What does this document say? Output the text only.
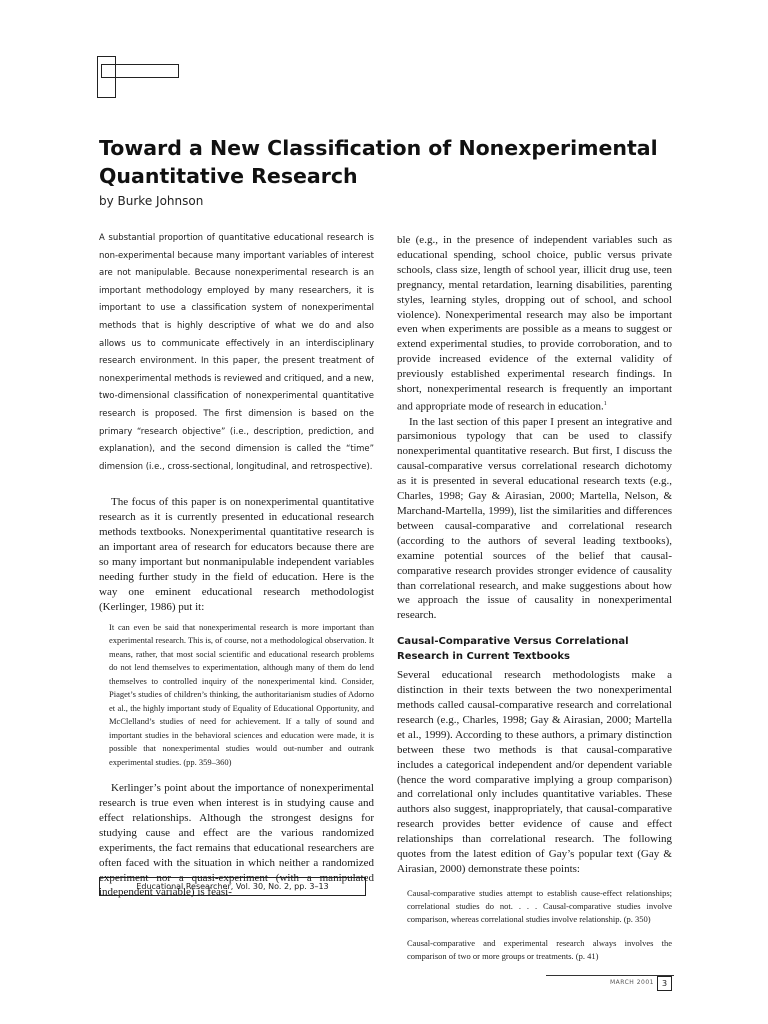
Toward a New Classification of Nonexperimental Quantitative Research

by Burke Johnson

A substantial proportion of quantitative educational research is non-experimental because many important variables of interest are not manipulable. Because nonexperimental research is an important methodology employed by many researchers, it is important to use a classification system of nonexperimental methods that is highly descriptive of what we do and also allows us to communicate effectively in an interdisciplinary research environment. In this paper, the present treatment of nonexperimental methods is reviewed and critiqued, and a new, two-dimensional classification of nonexperimental quantitative research is proposed. The first dimension is based on the primary “research objective” (i.e., description, prediction, and explanation), and the second dimension is called the “time” dimension (i.e., cross-sectional, longitudinal, and retrospective).

The focus of this paper is on nonexperimental quantitative research as it is currently presented in educational research methods textbooks. Nonexperimental quantitative research is an important area of research for educators because there are so many important but nonmanipulable independent variables needing further study in the field of education. Here is the way one eminent educational research methodologist (Kerlinger, 1986) put it:

It can even be said that nonexperimental research is more important than experimental research. This is, of course, not a methodological observation. It means, rather, that most social scientific and educational research problems do not lend themselves to experimentation, although many of them do lend themselves to controlled inquiry of the nonexperimental kind. Consider, Piaget’s studies of children’s thinking, the authoritarianism studies of Adorno et al., the highly important study of Equality of Educational Opportunity, and McClelland’s studies of need for achievement. If a tally of sound and important studies in the behavioral sciences and education were made, it is possible that nonexperimental studies would out-number and outrank experimental studies. (pp. 359–360)

Kerlinger’s point about the importance of nonexperimental research is true even when interest is in studying cause and effect relationships. Although the strongest designs for studying cause and effect are the various randomized experiments, the fact remains that educational researchers are often faced with the situation in which neither a randomized experiment nor a quasi-experiment (with a manipulated independent variable) is feasi-

ble (e.g., in the presence of independent variables such as educational spending, school choice, public versus private schools, class size, length of school year, illicit drug use, teen pregnancy, mental retardation, learning disabilities, parenting styles, learning styles, dropping out of school, and school violence). Nonexperimental research may also be important even when experiments are possible as a means to suggest or extend experimental studies, to provide corroboration, and to provide increased evidence of the external validity of previously established experimental research findings. In short, nonexperimental research is frequently an important and appropriate mode of research in education.$^1$

In the last section of this paper I present an integrative and parsimonious typology that can be used to classify nonexperimental quantitative research. But first, I discuss the causal-comparative versus correlational research dichotomy as it is presented in several educational research texts (e.g., Charles, 1998; Gay & Airasian, 2000; Martella, Nelson, & Marchand-Martella, 1999), list the similarities and differences between causal-comparative and correlational research (according to the authors of several leading textbooks), examine potential sources of the belief that causal-comparative research provides stronger evidence of causality than correlational research, and make suggestions about how we approach the issue of causality in nonexperimental research.

Causal-Comparative Versus Correlational Research in Current Textbooks

Several educational research methodologists make a distinction in their texts between the two nonexperimental methods called causal-comparative research and correlational research (e.g., Charles, 1998; Gay & Airasian, 2000; Martella et al., 1999). According to these authors, a primary distinction between these two methods is that causal-comparative includes a categorical independent and/or dependent variable (hence the word comparative implying a group comparison) and correlational only includes quantitative variables. These authors also suggest, inappropriately, that causal-comparative research provides better evidence of cause and effect relationships than correlational research. The following quotes from the latest edition of Gay’s popular text (Gay & Airasian, 2000) demonstrate these points:

Causal-comparative studies attempt to establish cause-effect relationships; correlational studies do not. . . . Causal-comparative studies involve comparison, whereas correlational studies involve relationship. (p. 350)

Causal-comparative and experimental research always involves the comparison of two or more groups or treatments. (p. 41)

Educational Researcher, Vol. 30, No. 2, pp. 3–13
MARCH 2001 3
